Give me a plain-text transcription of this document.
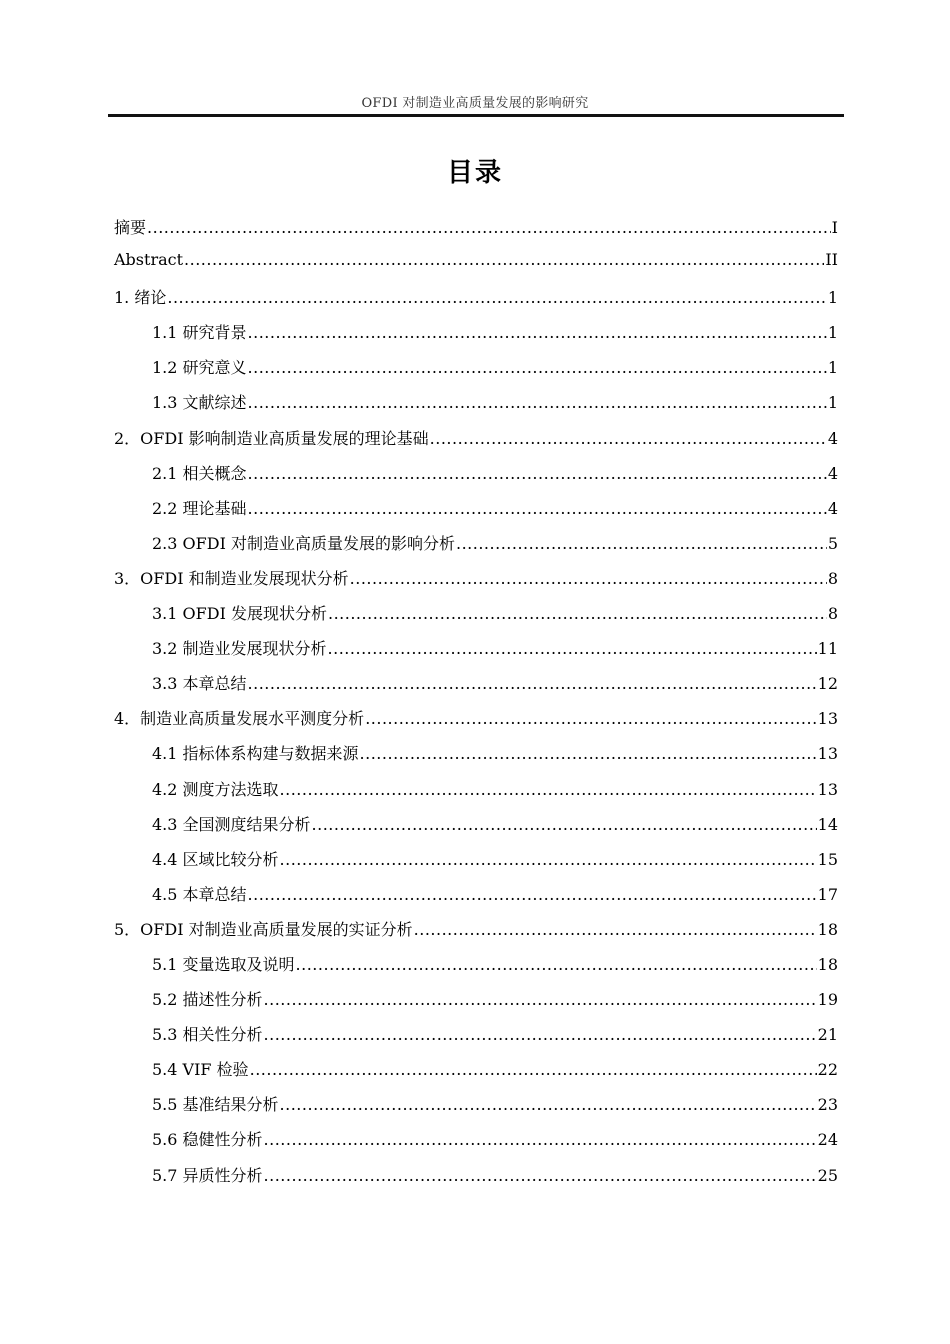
OFDI 对制造业高质量发展的影响研究
目录
摘要 .....	I
Abstract .....	II
1. 绪论 .....	1
1.1 研究背景 .....	1
1.2 研究意义 .....	1
1.3 文献综述 .....	1
2．OFDI 影响制造业高质量发展的理论基础 .....	4
2.1 相关概念 .....	4
2.2 理论基础 .....	4
2.3 OFDI 对制造业高质量发展的影响分析 .....	5
3．OFDI 和制造业发展现状分析 .....	8
3.1 OFDI 发展现状分析 .....	8
3.2 制造业发展现状分析 .....	11
3.3 本章总结 .....	12
4．制造业高质量发展水平测度分析 .....	13
4.1 指标体系构建与数据来源 .....	13
4.2 测度方法选取 .....	13
4.3 全国测度结果分析 .....	14
4.4 区域比较分析 .....	15
4.5 本章总结 .....	17
5．OFDI 对制造业高质量发展的实证分析 .....	18
5.1 变量选取及说明 .....	18
5.2 描述性分析 .....	19
5.3 相关性分析 .....	21
5.4 VIF 检验 .....	22
5.5 基准结果分析 .....	23
5.6 稳健性分析 .....	24
5.7 异质性分析 .....	25
